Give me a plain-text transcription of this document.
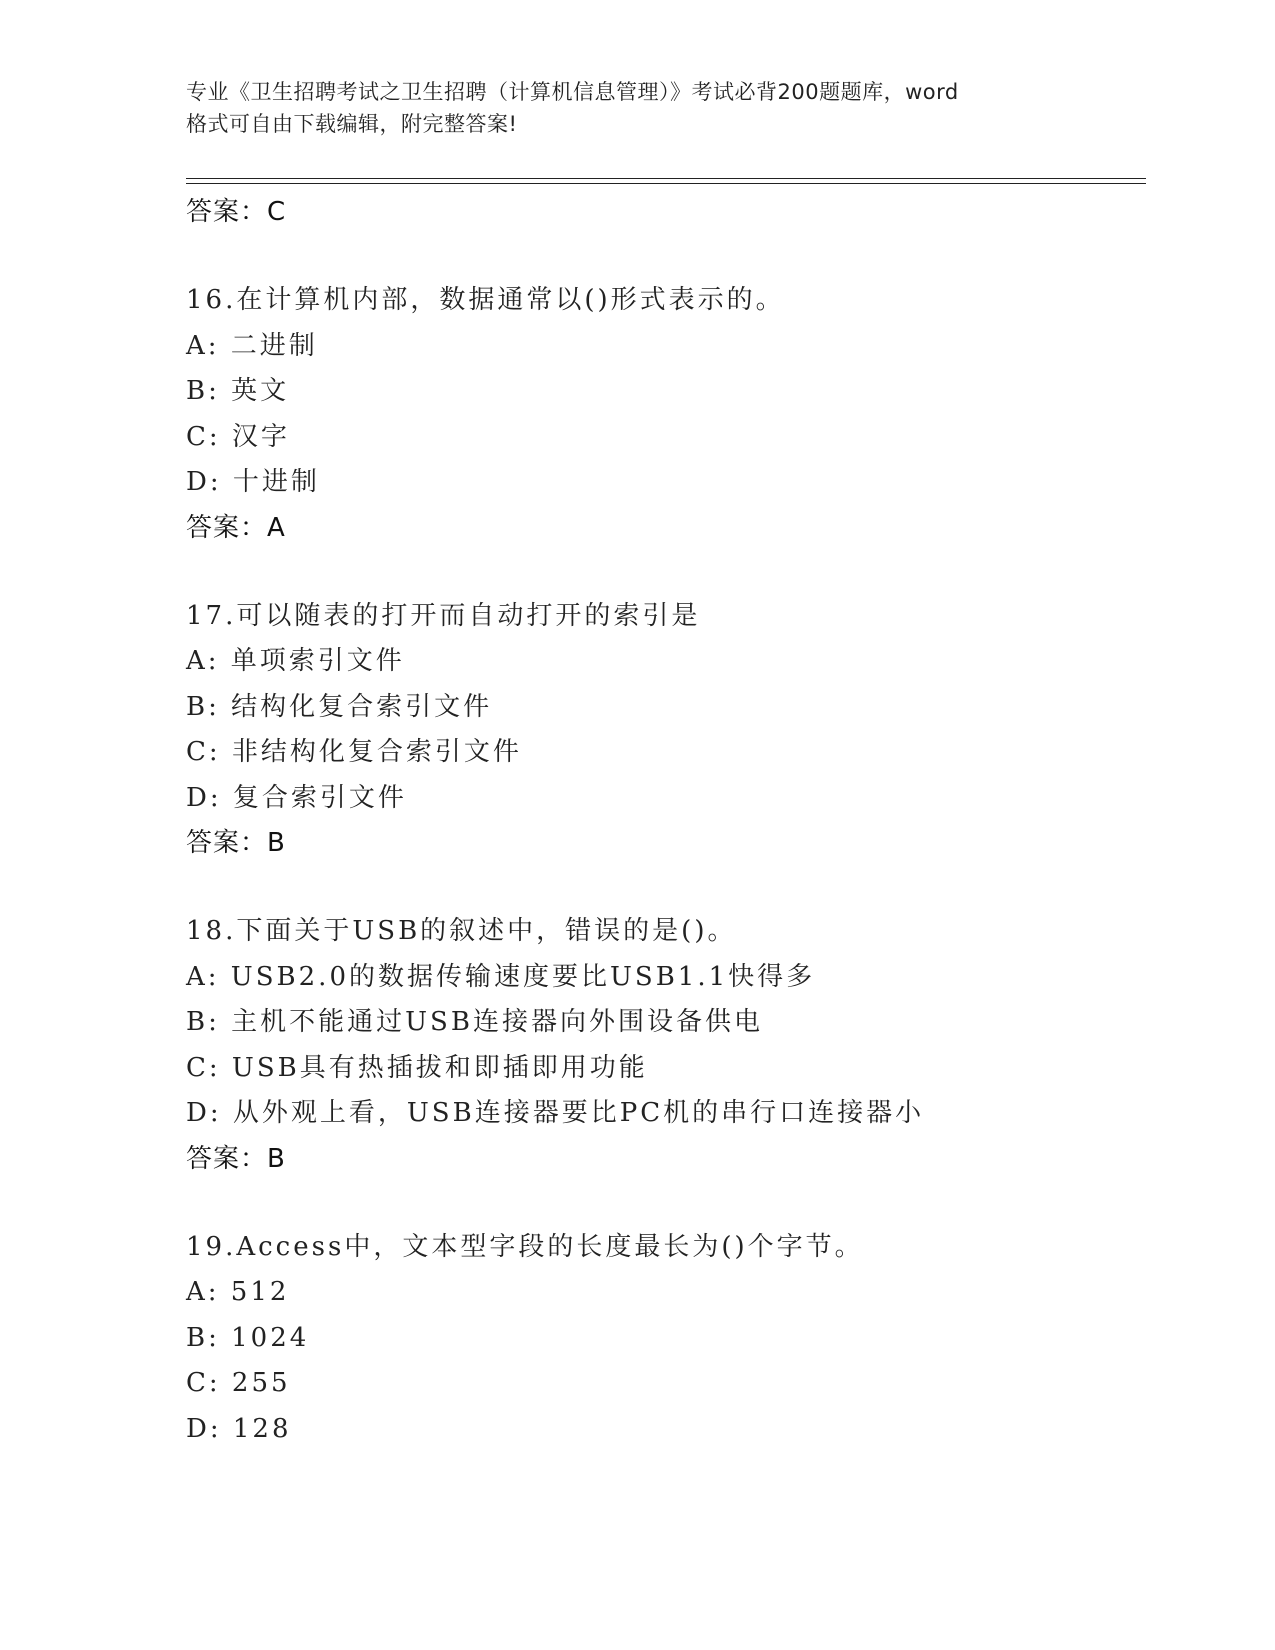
专业《卫生招聘考试之卫生招聘（计算机信息管理）》考试必背200题题库，word
格式可自由下载编辑，附完整答案!
答案：C
16.在计算机内部，数据通常以()形式表示的。
A: 二进制
B: 英文
C: 汉字
D: 十进制
答案：A
17.可以随表的打开而自动打开的索引是
A: 单项索引文件
B: 结构化复合索引文件
C: 非结构化复合索引文件
D: 复合索引文件
答案：B
18.下面关于USB的叙述中，错误的是()。
A: USB2.0的数据传输速度要比USB1.1快得多
B: 主机不能通过USB连接器向外围设备供电
C: USB具有热插拔和即插即用功能
D: 从外观上看，USB连接器要比PC机的串行口连接器小
答案：B
19.Access中，文本型字段的长度最长为()个字节。
A: 512
B: 1024
C: 255
D: 128
